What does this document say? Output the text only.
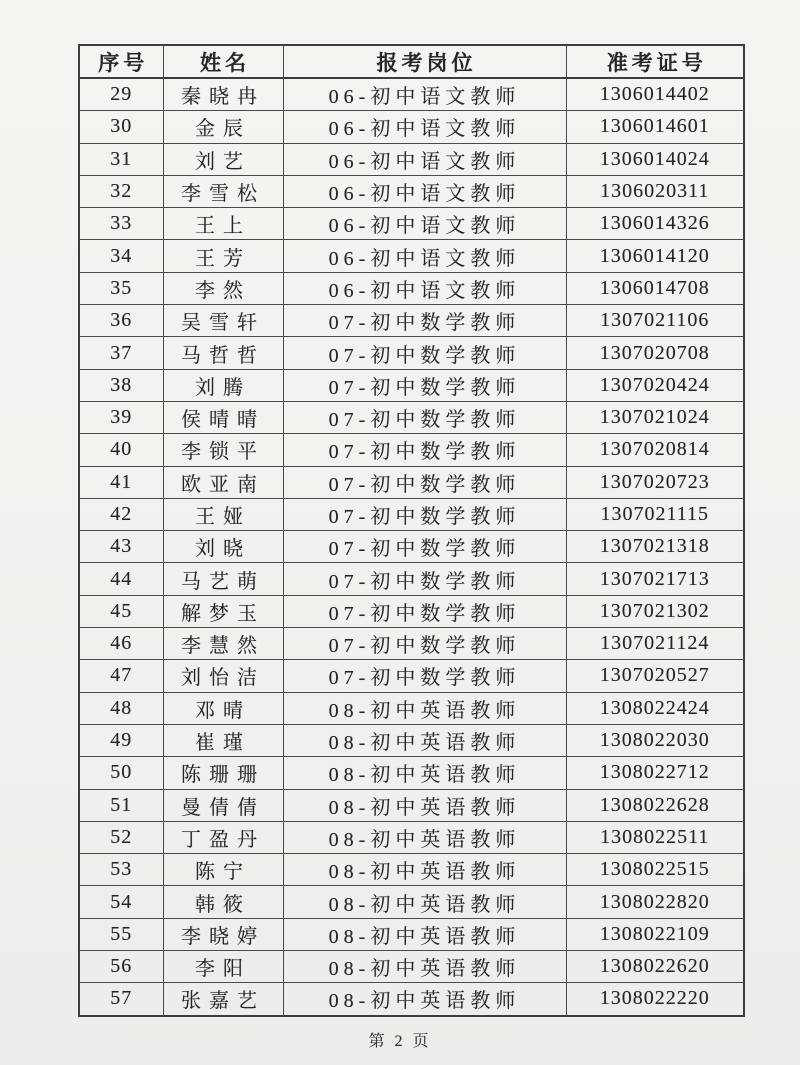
序号	姓名	报考岗位	准考证号
29	秦晓冉	06-初中语文教师	1306014402
30	金辰	06-初中语文教师	1306014601
31	刘艺	06-初中语文教师	1306014024
32	李雪松	06-初中语文教师	1306020311
33	王上	06-初中语文教师	1306014326
34	王芳	06-初中语文教师	1306014120
35	李然	06-初中语文教师	1306014708
36	吴雪轩	07-初中数学教师	1307021106
37	马哲哲	07-初中数学教师	1307020708
38	刘腾	07-初中数学教师	1307020424
39	侯晴晴	07-初中数学教师	1307021024
40	李锁平	07-初中数学教师	1307020814
41	欧亚南	07-初中数学教师	1307020723
42	王娅	07-初中数学教师	1307021115
43	刘晓	07-初中数学教师	1307021318
44	马艺萌	07-初中数学教师	1307021713
45	解梦玉	07-初中数学教师	1307021302
46	李慧然	07-初中数学教师	1307021124
47	刘怡洁	07-初中数学教师	1307020527
48	邓晴	08-初中英语教师	1308022424
49	崔瑾	08-初中英语教师	1308022030
50	陈珊珊	08-初中英语教师	1308022712
51	曼倩倩	08-初中英语教师	1308022628
52	丁盈丹	08-初中英语教师	1308022511
53	陈宁	08-初中英语教师	1308022515
54	韩筱	08-初中英语教师	1308022820
55	李晓婷	08-初中英语教师	1308022109
56	李阳	08-初中英语教师	1308022620
57	张嘉艺	08-初中英语教师	1308022220
第 2 页
